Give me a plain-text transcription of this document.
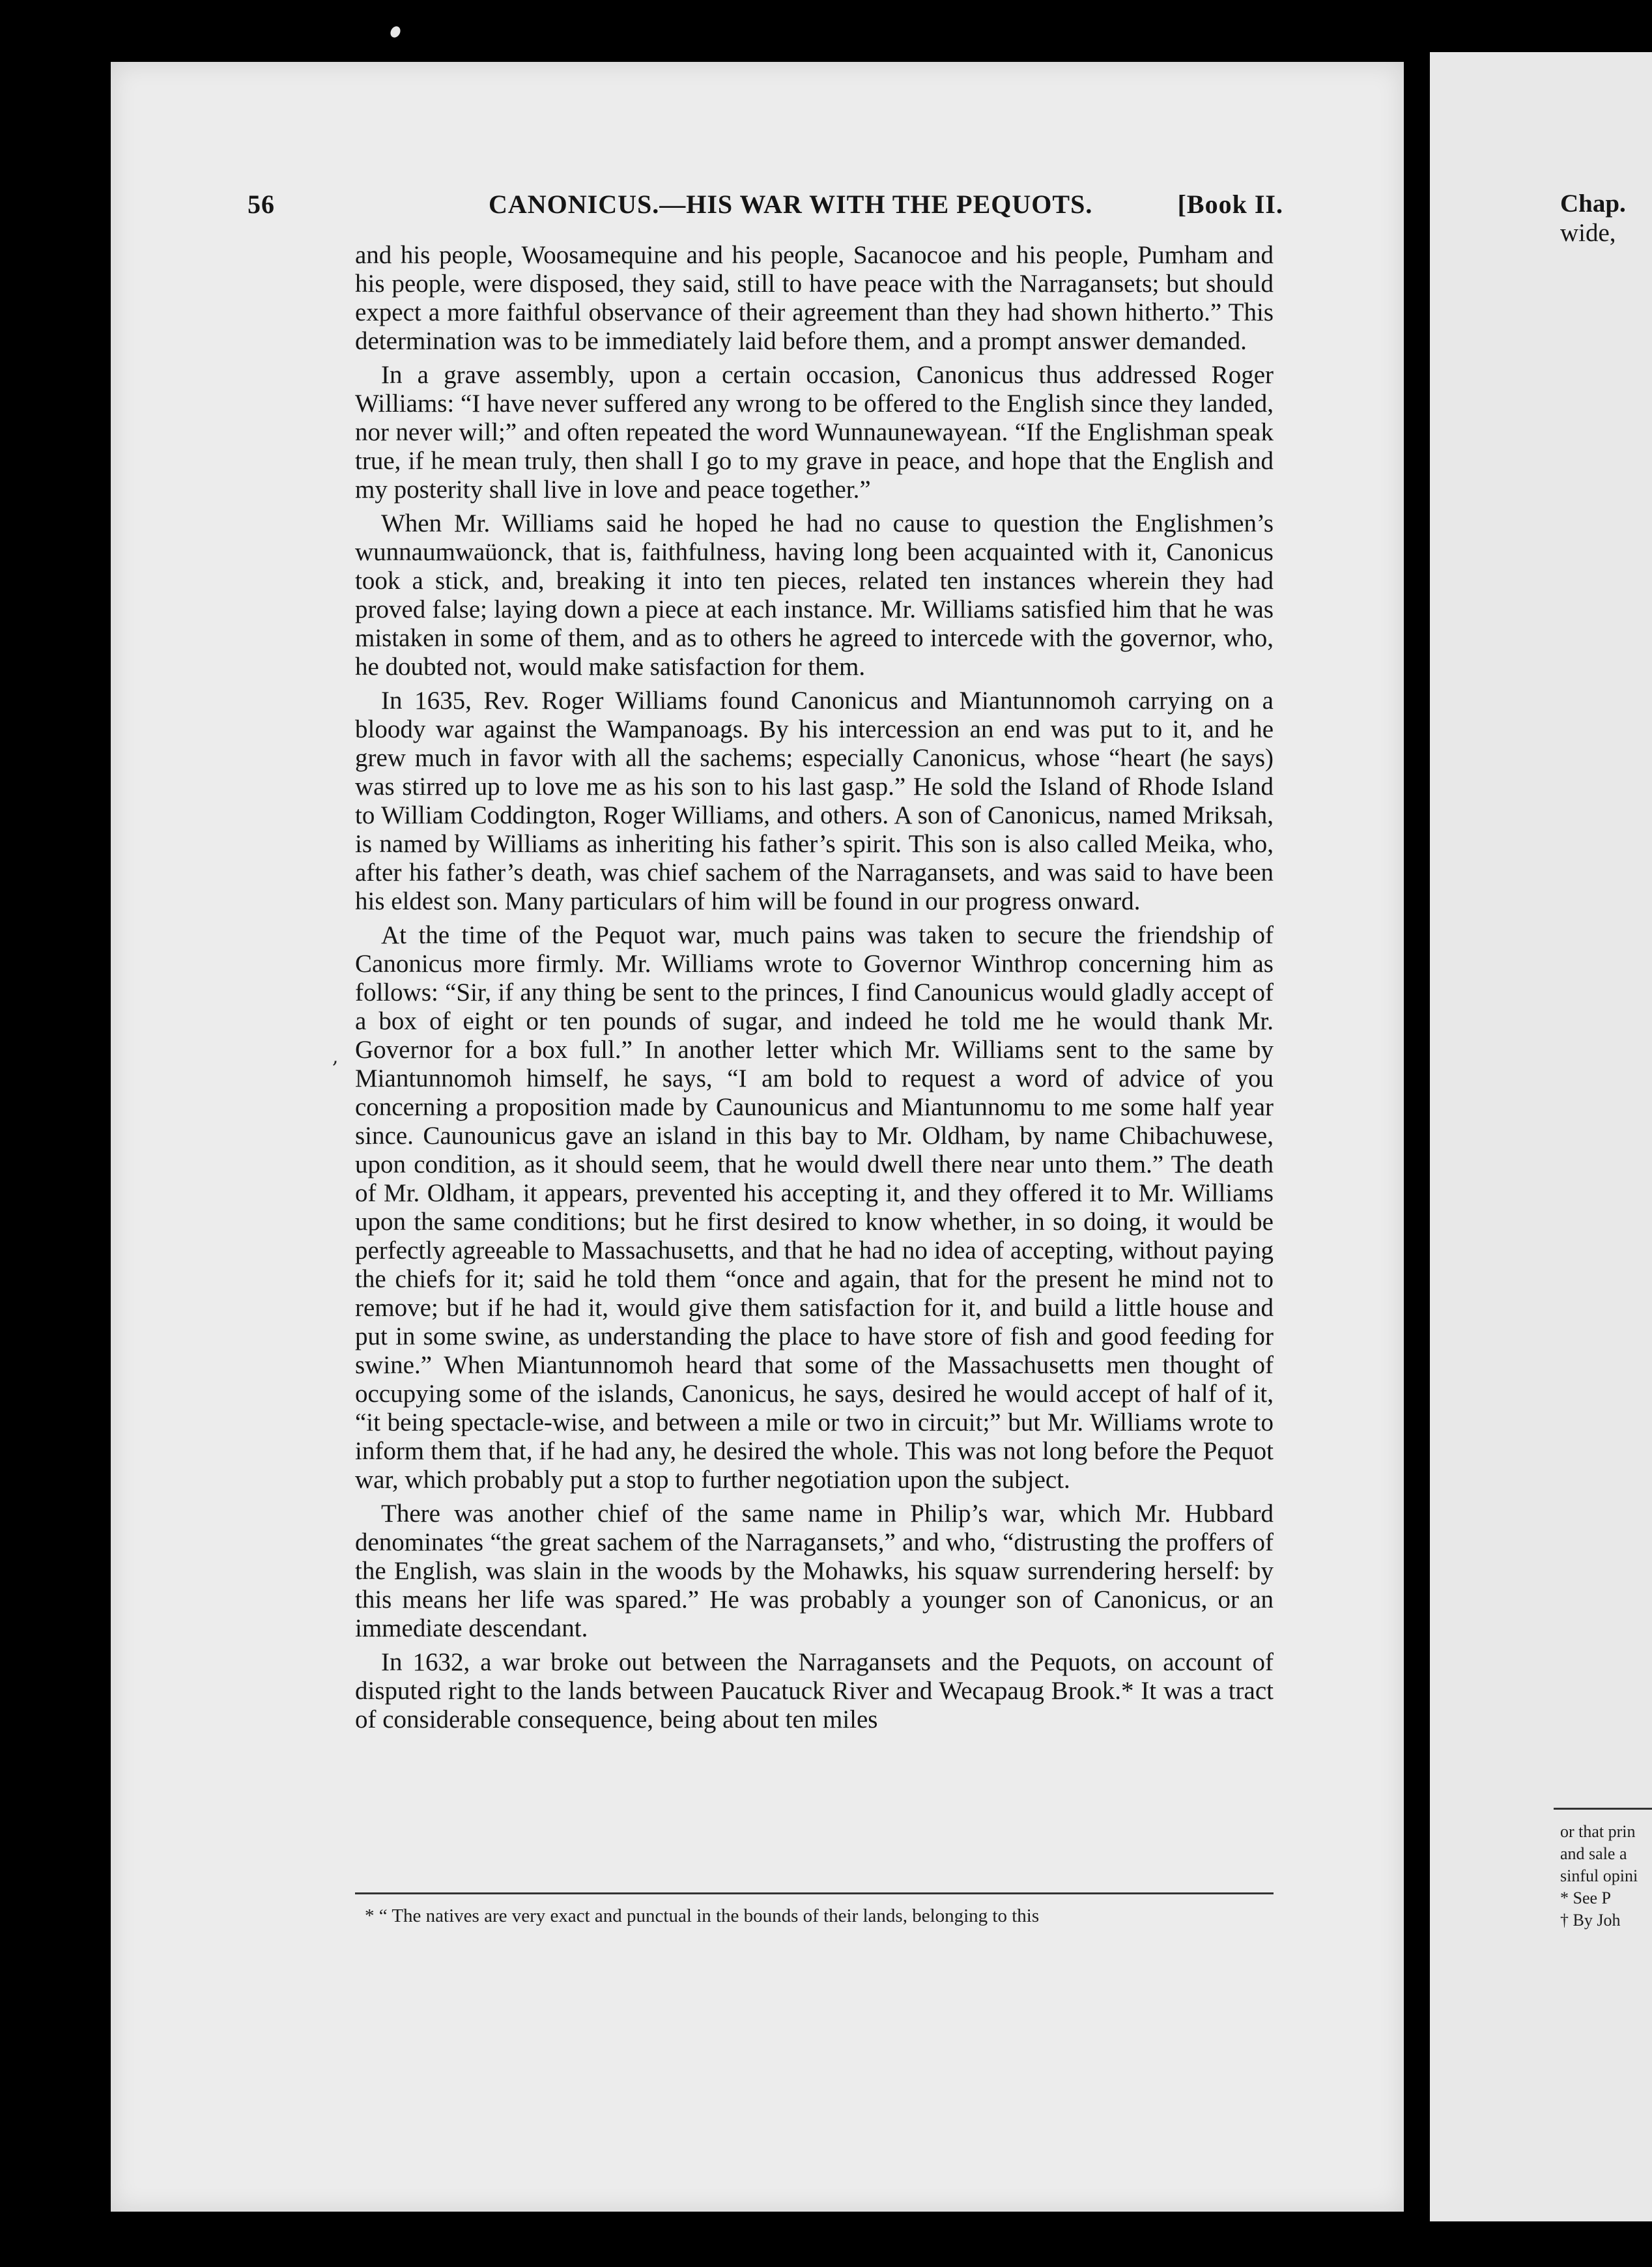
56	CANONICUS.—HIS WAR WITH THE PEQUOTS.	[Book II.

and his people, Woosamequine and his people, Sacanocoe and his people, Pumham and his people, were disposed, they said, still to have peace with the Narragansets; but should expect a more faithful observance of their agreement than they had shown hitherto.” This determination was to be immediately laid before them, and a prompt answer demanded.

In a grave assembly, upon a certain occasion, Canonicus thus addressed Roger Williams: “I have never suffered any wrong to be offered to the English since they landed, nor never will;” and often repeated the word Wunnaunewayean. “If the Englishman speak true, if he mean truly, then shall I go to my grave in peace, and hope that the English and my posterity shall live in love and peace together.”

When Mr. Williams said he hoped he had no cause to question the Englishmen’s wunnaumwaüonck, that is, faithfulness, having long been acquainted with it, Canonicus took a stick, and, breaking it into ten pieces, related ten instances wherein they had proved false; laying down a piece at each instance. Mr. Williams satisfied him that he was mistaken in some of them, and as to others he agreed to intercede with the governor, who, he doubted not, would make satisfaction for them.

In 1635, Rev. Roger Williams found Canonicus and Miantunnomoh carrying on a bloody war against the Wampanoags. By his intercession an end was put to it, and he grew much in favor with all the sachems; especially Canonicus, whose “heart (he says) was stirred up to love me as his son to his last gasp.” He sold the Island of Rhode Island to William Coddington, Roger Williams, and others. A son of Canonicus, named Mriksah, is named by Williams as inheriting his father’s spirit. This son is also called Meika, who, after his father’s death, was chief sachem of the Narragansets, and was said to have been his eldest son. Many particulars of him will be found in our progress onward.

At the time of the Pequot war, much pains was taken to secure the friendship of Canonicus more firmly. Mr. Williams wrote to Governor Winthrop concerning him as follows: “Sir, if any thing be sent to the princes, I find Canounicus would gladly accept of a box of eight or ten pounds of sugar, and indeed he told me he would thank Mr. Governor for a box full.” In another letter which Mr. Williams sent to the same by Miantunnomoh himself, he says, “I am bold to request a word of advice of you concerning a proposition made by Caunounicus and Miantunnomu to me some half year since. Caunounicus gave an island in this bay to Mr. Oldham, by name Chibachuwese, upon condition, as it should seem, that he would dwell there near unto them.” The death of Mr. Oldham, it appears, prevented his accepting it, and they offered it to Mr. Williams upon the same conditions; but he first desired to know whether, in so doing, it would be perfectly agreeable to Massachusetts, and that he had no idea of accepting, without paying the chiefs for it; said he told them “once and again, that for the present he mind not to remove; but if he had it, would give them satisfaction for it, and build a little house and put in some swine, as understanding the place to have store of fish and good feeding for swine.” When Miantunnomoh heard that some of the Massachusetts men thought of occupying some of the islands, Canonicus, he says, desired he would accept of half of it, “it being spectacle-wise, and between a mile or two in circuit;” but Mr. Williams wrote to inform them that, if he had any, he desired the whole. This was not long before the Pequot war, which probably put a stop to further negotiation upon the subject.

There was another chief of the same name in Philip’s war, which Mr. Hubbard denominates “the great sachem of the Narragansets,” and who, “distrusting the proffers of the English, was slain in the woods by the Mohawks, his squaw surrendering herself: by this means her life was spared.” He was probably a younger son of Canonicus, or an immediate descendant.

In 1632, a war broke out between the Narragansets and the Pequots, on account of disputed right to the lands between Paucatuck River and Wecapaug Brook.* It was a tract of considerable consequence, being about ten miles

,
* “ The natives are very exact and punctual in the bounds of their lands, belonging to this
Chap.
wide,
or that prin
and sale a
sinful opini
* See P
† By Joh
